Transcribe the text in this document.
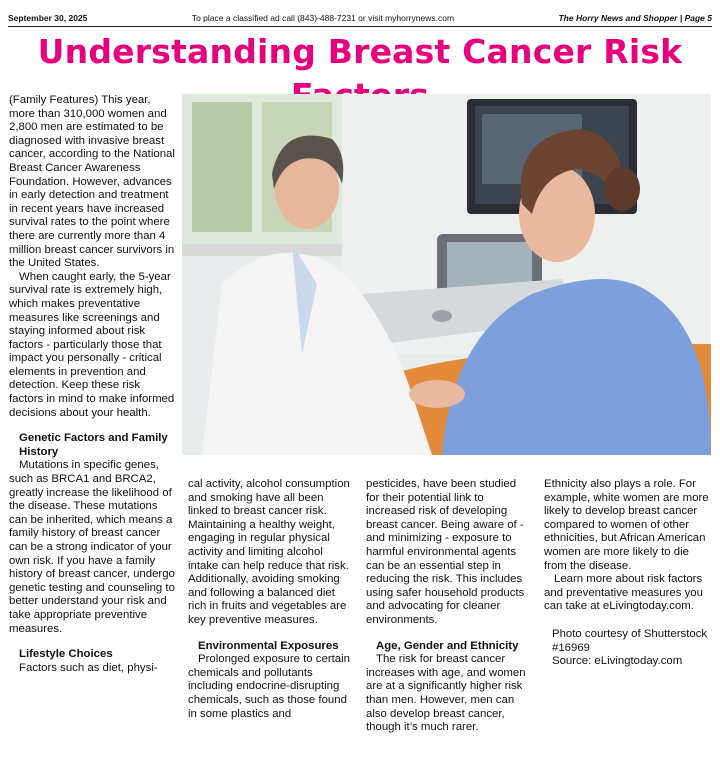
September 30, 2025	To place a classified ad call (843)-488-7231 or visit myhorrynews.com	The Horry News and Shopper | Page 5
Understanding Breast Cancer Risk

(Family Features) This year, more than 310,000 women and 2,800 men are estimated to be diagnosed with invasive breast cancer, according to the National Breast Cancer Awareness Foundation. However, advances in early detection and treatment in recent years have increased survival rates to the point where there are currently more than 4 million breast cancer survivors in the United States.

When caught early, the 5-year survival rate is extremely high, which makes preventative measures like screenings and staying informed about risk factors - particularly those that impact you personally - critical elements in prevention and detection. Keep these risk factors in mind to make informed decisions about your health.

Genetic Factors and Family History

Mutations in specific genes, such as BRCA1 and BRCA2, greatly increase the likelihood of the disease. These mutations can be inherited, which means a family history of breast cancer can be a strong indicator of your own risk. If you have a family history of breast cancer, undergo genetic testing and counseling to better understand your risk and take appropriate preventive measures.

Lifestyle Choices

Factors such as diet, physi-

cal activity, alcohol consumption and smoking have all been linked to breast cancer risk. Maintaining a healthy weight, engaging in regular physical activity and limiting alcohol intake can help reduce that risk. Additionally, avoiding smoking and following a balanced diet rich in fruits and vegetables are key preventive measures.

Environmental Exposures

Prolonged exposure to certain chemicals and pollutants including endocrine-disrupting chemicals, such as those found in some plastics and

pesticides, have been studied for their potential link to increased risk of developing breast cancer. Being aware of - and minimizing - exposure to harmful environmental agents can be an essential step in reducing the risk. This includes using safer household products and advocating for cleaner environments.

Age, Gender and Ethnicity

The risk for breast cancer increases with age, and women are at a significantly higher risk than men. However, men can also develop breast cancer, though it’s much rarer.

Ethnicity also plays a role. For example, white women are more likely to develop breast cancer compared to women of other ethnicities, but African American women are more likely to die from the disease.

Learn more about risk factors and preventative measures you can take at eLivingtoday.com.

Photo courtesy of Shutterstock
#16969
Source: eLivingtoday.com
